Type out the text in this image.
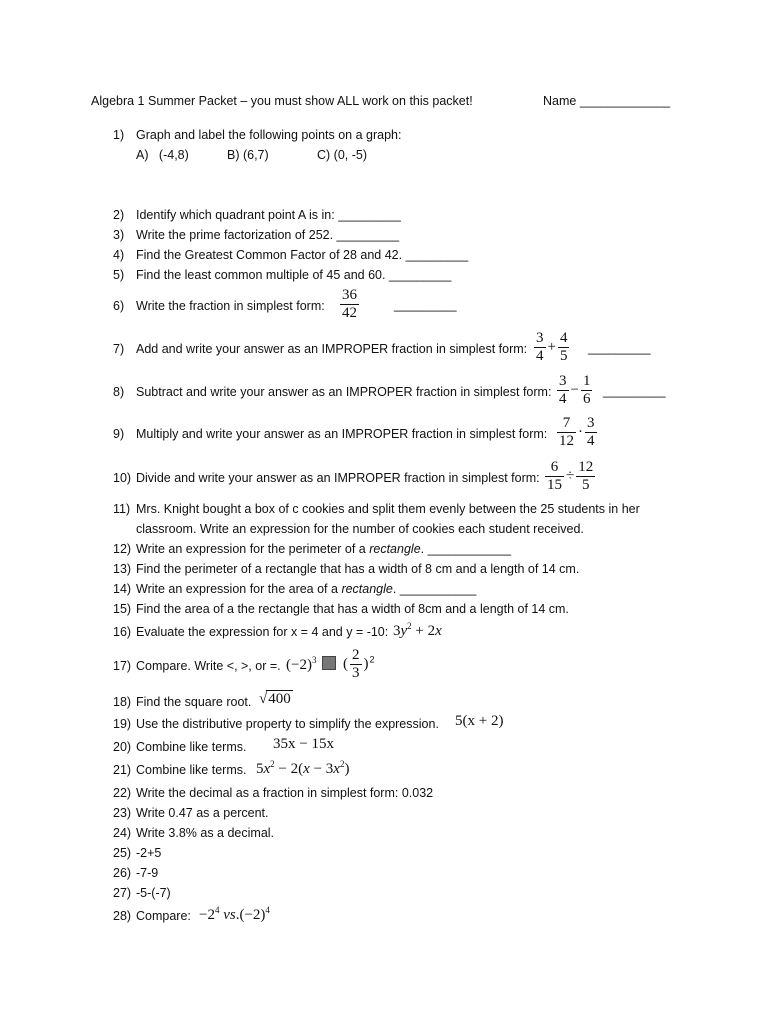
Algebra 1 Summer Packet – you must show ALL work on this packet!	Name _____________
1) Graph and label the following points on a graph:
A)   (-4,8)	B) (6,7)	C) (0, -5)
2) Identify which quadrant point A is in: _________
3) Write the prime factorization of 252. _________
4) Find the Greatest Common Factor of 28 and 42. _________
5) Find the least common multiple of 45 and 60. _________
6) Write the fraction in simplest form: $\frac{36}{42}$	_________
7) Add and write your answer as an IMPROPER fraction in simplest form: $\frac{3}{4} + \frac{4}{5}$ _________
8) Subtract and write your answer as an IMPROPER fraction in simplest form: $\frac{3}{4} - \frac{1}{6}$ _________
9) Multiply and write your answer as an IMPROPER fraction in simplest form: $\frac{7}{12} \cdot \frac{3}{4}$
10) Divide and write your answer as an IMPROPER fraction in simplest form: $\frac{6}{15} \div \frac{12}{5}$
11) Mrs. Knight bought a box of c cookies and split them evenly between the 25 students in her
classroom. Write an expression for the number of cookies each student received.
12) Write an expression for the perimeter of a rectangle. ____________
13) Find the perimeter of a rectangle that has a width of 8 cm and a length of 14 cm.
14) Write an expression for the area of a rectangle. ___________
15) Find the area of a the rectangle that has a width of 8cm and a length of 14 cm.
16) Evaluate the expression for x = 4 and y = -10: $3y^2 + 2x$
17) Compare. Write <, >, or =. $(-2)^3$ ( $\frac{2}{3} )^2$
18) Find the square root. √400
19) Use the distributive property to simplify the expression. 5(x + 2)
20) Combine like terms. 35x − 15x
21) Combine like terms. $5x^2 - 2(x - 3x^2)$
22) Write the decimal as a fraction in simplest form: 0.032
23) Write 0.47 as a percent.
24) Write 3.8% as a decimal.
25) -2+5
26) -7-9
27) -5-(-7)
28) Compare: $-2^4$ $vs.(-2)^4$
